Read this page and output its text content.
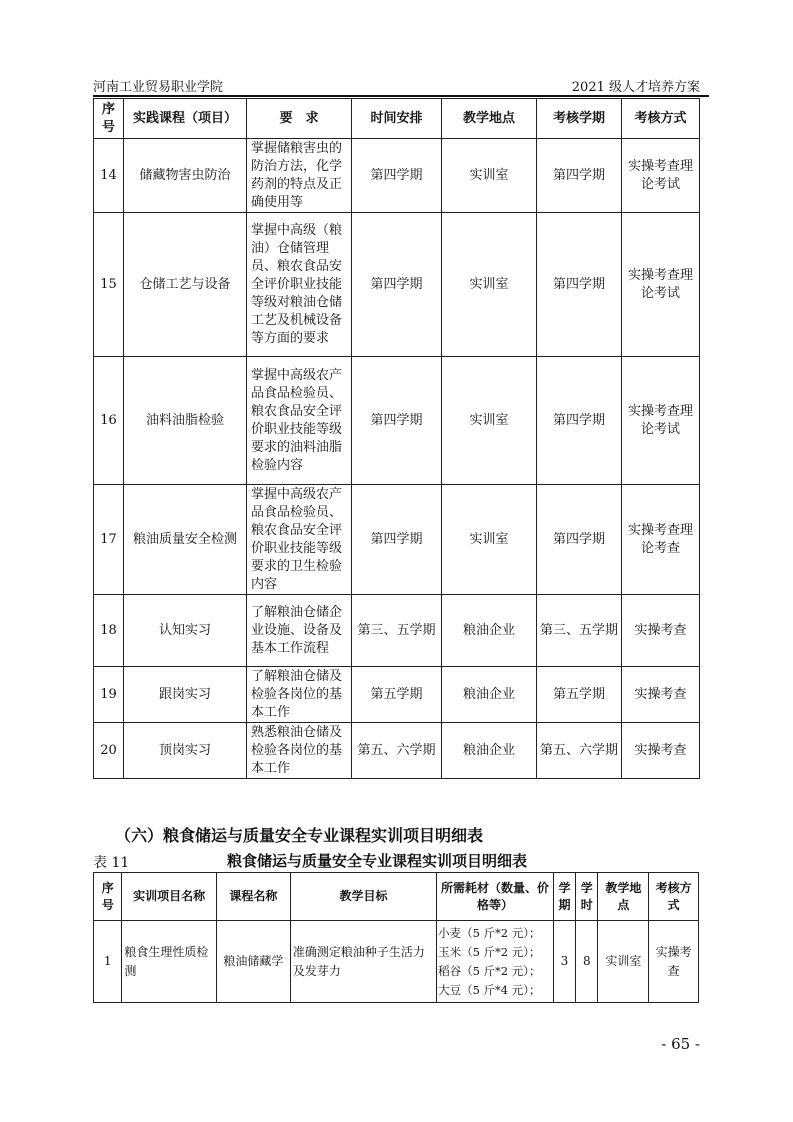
河南工业贸易职业学院	2021 级人才培养方案
序号	实践课程（项目）	要　求	时间安排	教学地点	考核学期	考核方式
14	储藏物害虫防治	掌握储粮害虫的防治方法，化学药剂的特点及正确使用等	第四学期	实训室	第四学期	实操考查理论考试
15	仓储工艺与设备	掌握中高级（粮油）仓储管理员、粮农食品安全评价职业技能等级对粮油仓储工艺及机械设备等方面的要求	第四学期	实训室	第四学期	实操考查理论考试
16	油料油脂检验	掌握中高级农产品食品检验员、粮农食品安全评价职业技能等级要求的油料油脂检验内容	第四学期	实训室	第四学期	实操考查理论考试
17	粮油质量安全检测	掌握中高级农产品食品检验员、粮农食品安全评价职业技能等级要求的卫生检验内容	第四学期	实训室	第四学期	实操考查理论考查
18	认知实习	了解粮油仓储企业设施、设备及基本工作流程	第三、五学期	粮油企业	第三、五学期	实操考查
19	跟岗实习	了解粮油仓储及检验各岗位的基本工作	第五学期	粮油企业	第五学期	实操考查
20	顶岗实习	熟悉粮油仓储及检验各岗位的基本工作	第五、六学期	粮油企业	第五、六学期	实操考查
（六）粮食储运与质量安全专业课程实训项目明细表
表 11	粮食储运与质量安全专业课程实训项目明细表
序号	实训项目名称	课程名称	教学目标	所需耗材（数量、价格等）	学期	学时	教学地点	考核方式
1	粮食生理性质检测	粮油储藏学	准确测定粮油种子生活力及发芽力	小麦（5 斤*2 元）；
玉米（5 斤*2 元）；
稻谷（5 斤*2 元）；
大豆（5 斤*4 元）；	3	8	实训室	实操考查
- 65 -
